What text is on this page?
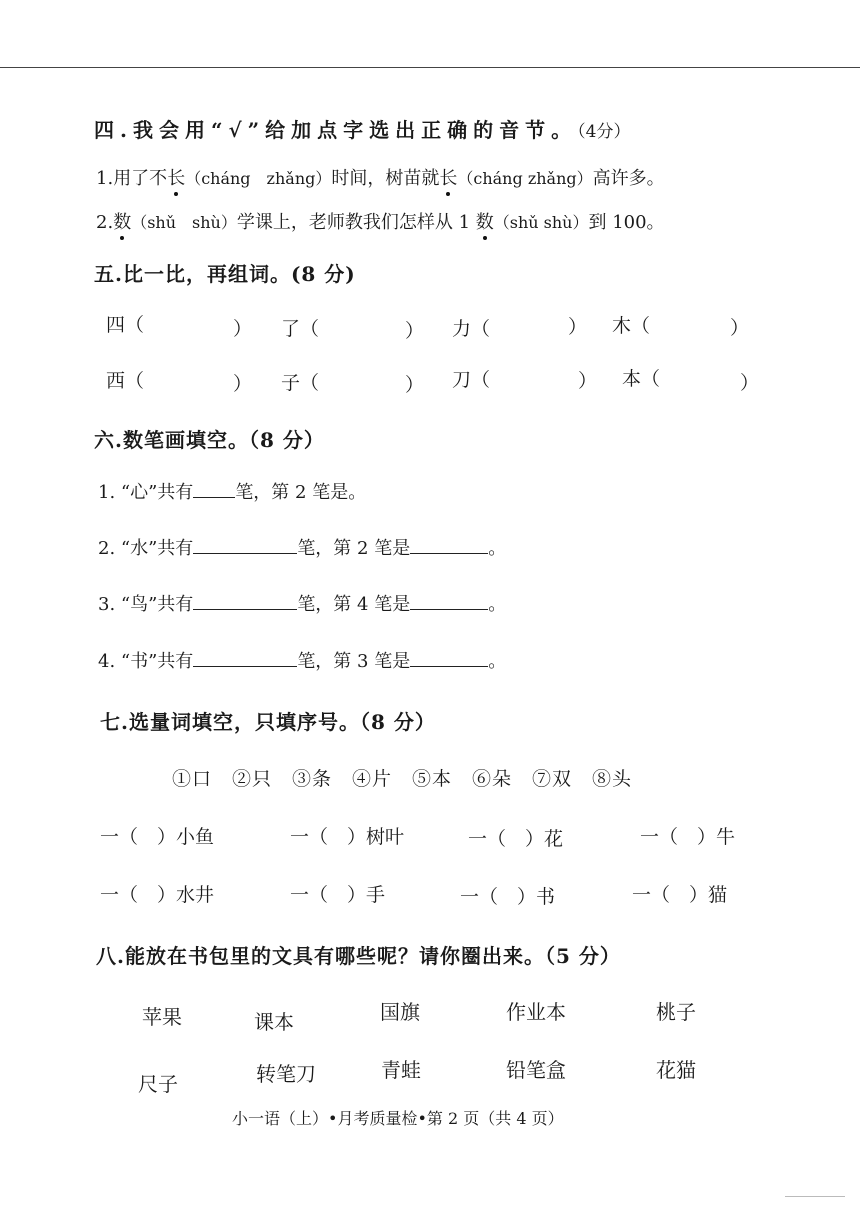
四.我会用“√”给加点字选出正确的音节。（4分）
1.用了不长（cháng　zhǎng）时间，树苗就长（cháng zhǎng）高许多。
2.数（shǔ　shù）学课上，老师教我们怎样从 1 数（shǔ shù）到 100。
五.比一比，再组词。(8 分)
四（	） 了（	） 力（	） 木（	）
西（	） 子（	） 刀（	） 本（	）
六.数笔画填空。（8 分）
1. “心”共有 笔，第 2 笔是。
2. “水”共有	笔，第 2 笔是	。
3. “鸟”共有	笔，第 4 笔是	。
4. “书”共有	笔，第 3 笔是	。
七.选量词填空，只填序号。（8 分）
①口　②只　③条　④片　⑤本　⑥朵　⑦双　⑧头
一（　）小鱼	一（　）树叶	一（　）花	一（　）牛
一（　）水井	一（　）手	一（　）书	一（　）猫
八.能放在书包里的文具有哪些呢？请你圈出来。（5 分）
苹果	课本	国旗	作业本	桃子
尺子	转笔刀	青蛙	铅笔盒	花猫
小一语（上）•月考质量检•第 2 页（共 4 页）
